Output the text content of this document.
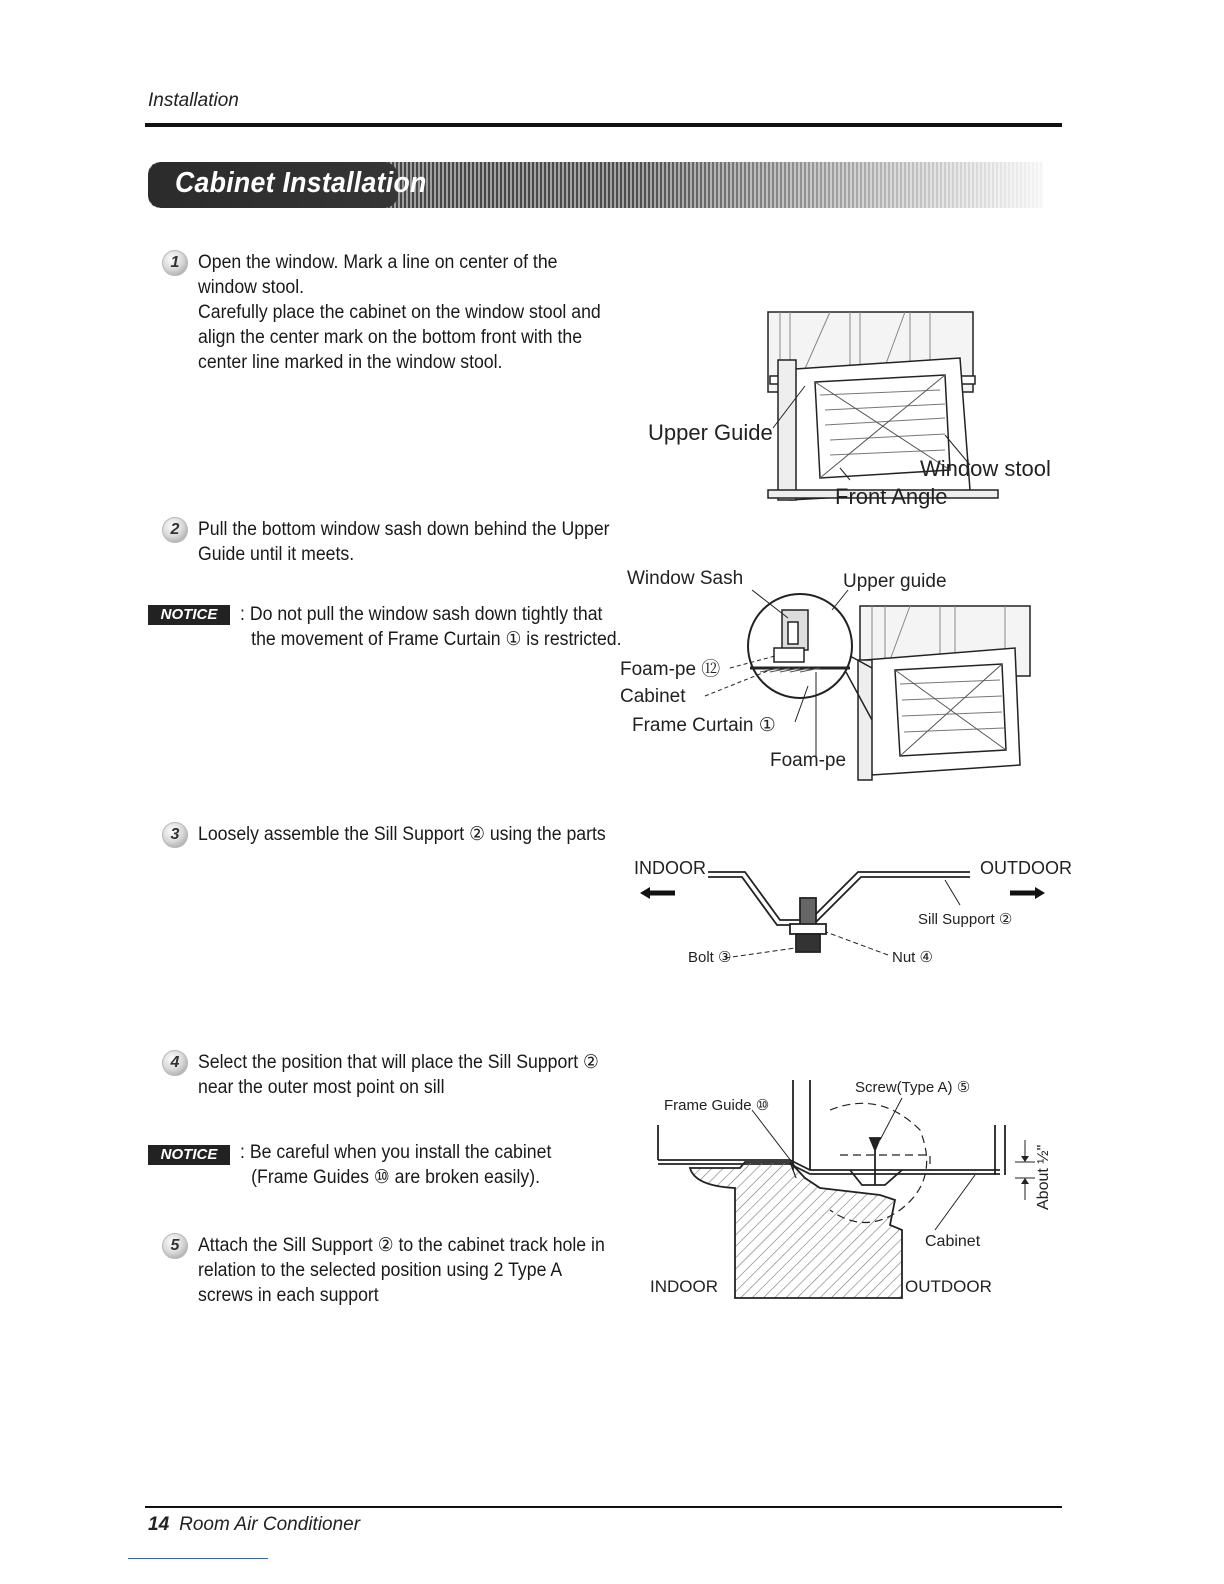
Installation
Cabinet Installation
1 Open the window. Mark a line on center of the

window stool.

Carefully place the cabinet on the window stool and

align the center mark on the bottom front with the

center line marked in the window stool.

Upper Guide
Window stool
Front Angle
2 Pull the bottom window sash down behind the Upper

Guide until it meets.

NOTICE	: Do not pull the window sash down tightly that

the movement of Frame Curtain ① is restricted.

Window Sash	Upper guide
Foam-pe ⑫
Cabinet
Frame Curtain ①
Foam-pe
3 Loosely assemble the Sill Support ② using the parts

INDOOR	OUTDOOR
Sill Support ②
Bolt ③	Nut ④
4 Select the position that will place the Sill Support ②

near the outer most point on sill

NOTICE	: Be careful when you install the cabinet

(Frame Guides ⑩ are broken easily).

5 Attach the Sill Support ② to the cabinet track hole in

relation to the selected position using 2 Type A

screws in each support

Frame Guide ⑩
Screw(Type A) ⑤
Cabinet
INDOOR	OUTDOOR
About ½"
14 Room Air Conditioner
